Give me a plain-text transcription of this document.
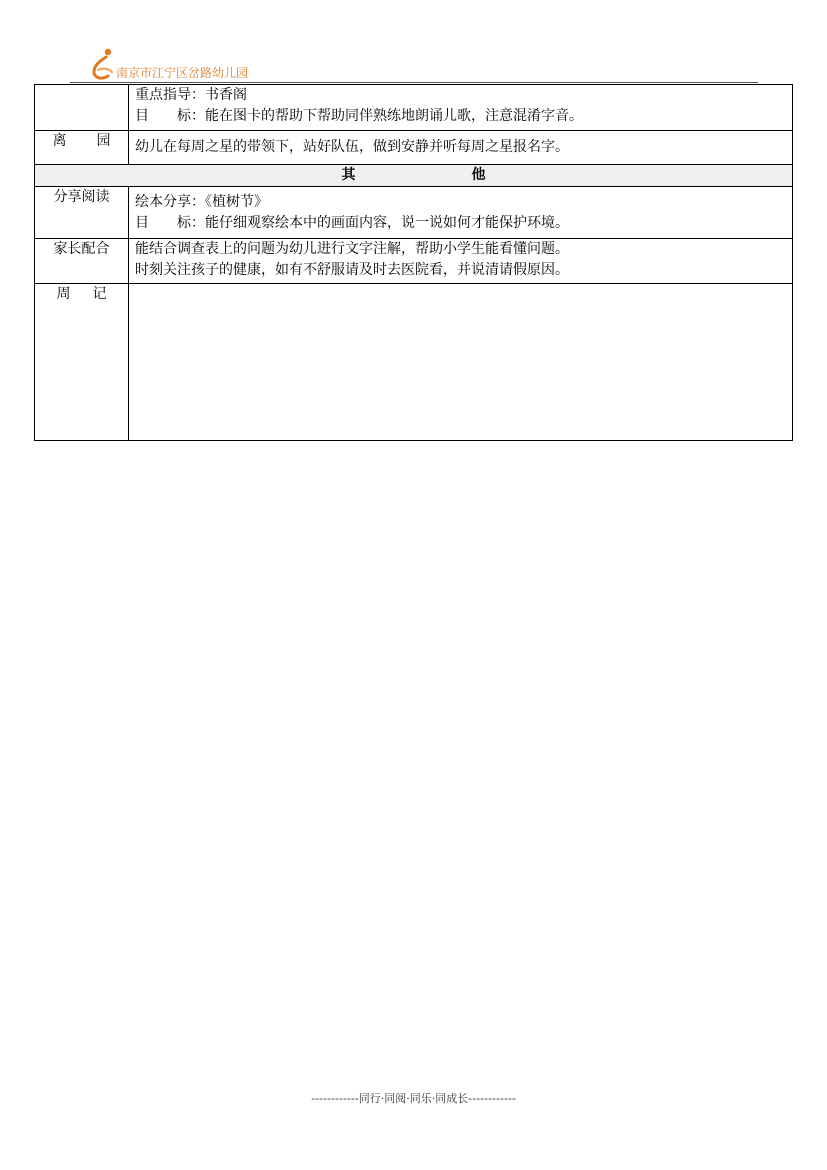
南京市江宁区岔路幼儿园

	重点指导：书香阁
目　　标：能在图卡的帮助下帮助同伴熟练地朗诵儿歌，注意混淆字音。

离 园	幼儿在每周之星的带领下，站好队伍，做到安静并听每周之星报名字。
其 他	
分享阅读	绘本分享：《植树节》
目　　标：能仔细观察绘本中的画面内容，说一说如何才能保护环境。

家长配合	能结合调查表上的问题为幼儿进行文字注解，帮助小学生能看懂问题。
时刻关注孩子的健康，如有不舒服请及时去医院看，并说清请假原因。

周 记	
------------同行·同阅·同乐·同成长------------
